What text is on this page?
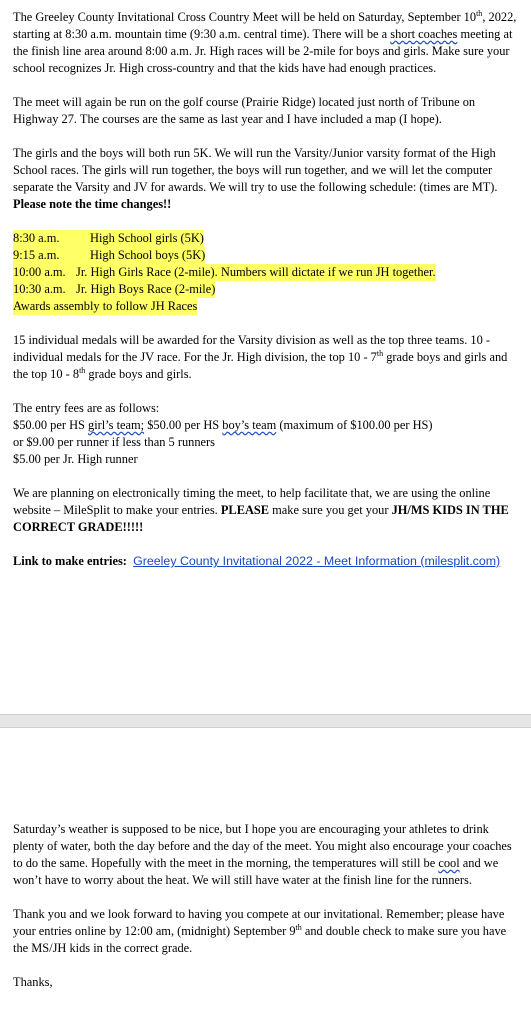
The Greeley County Invitational Cross Country Meet will be held on Saturday, September 10th, 2022, starting at 8:30 a.m. mountain time (9:30 a.m. central time). There will be a short coaches meeting at the finish line area around 8:00 a.m. Jr. High races will be 2-mile for boys and girls. Make sure your school recognizes Jr. High cross-country and that the kids have had enough practices.

The meet will again be run on the golf course (Prairie Ridge) located just north of Tribune on Highway 27. The courses are the same as last year and I have included a map (I hope).

The girls and the boys will both run 5K. We will run the Varsity/Junior varsity format of the High School races. The girls will run together, the boys will run together, and we will let the computer separate the Varsity and JV for awards. We will try to use the following schedule: (times are MT). Please note the time changes!!

8:30 a.m. High School girls (5K)
9:15 a.m. High School boys (5K)
10:00 a.m. Jr. High Girls Race (2-mile). Numbers will dictate if we run JH together.
10:30 a.m. Jr. High Boys Race (2-mile)
Awards assembly to follow JH Races

15 individual medals will be awarded for the Varsity division as well as the top three teams. 10 - individual medals for the JV race. For the Jr. High division, the top 10 - 7th grade boys and girls and the top 10 - 8th grade boys and girls.

The entry fees are as follows:

$50.00 per HS girl’s team; $50.00 per HS boy’s team (maximum of $100.00 per HS)

or $9.00 per runner if less than 5 runners

$5.00 per Jr. High runner

We are planning on electronically timing the meet, to help facilitate that, we are using the online website – MileSplit to make your entries. PLEASE make sure you get your JH/MS KIDS IN THE CORRECT GRADE!!!!!

Link to make entries: Greeley County Invitational 2022 - Meet Information (milesplit.com)

Saturday’s weather is supposed to be nice, but I hope you are encouraging your athletes to drink plenty of water, both the day before and the day of the meet. You might also encourage your coaches to do the same. Hopefully with the meet in the morning, the temperatures will still be cool and we won’t have to worry about the heat. We will still have water at the finish line for the runners.

Thank you and we look forward to having you compete at our invitational. Remember; please have your entries online by 12:00 am, (midnight) September 9th and double check to make sure you have the MS/JH kids in the correct grade.

Thanks,
